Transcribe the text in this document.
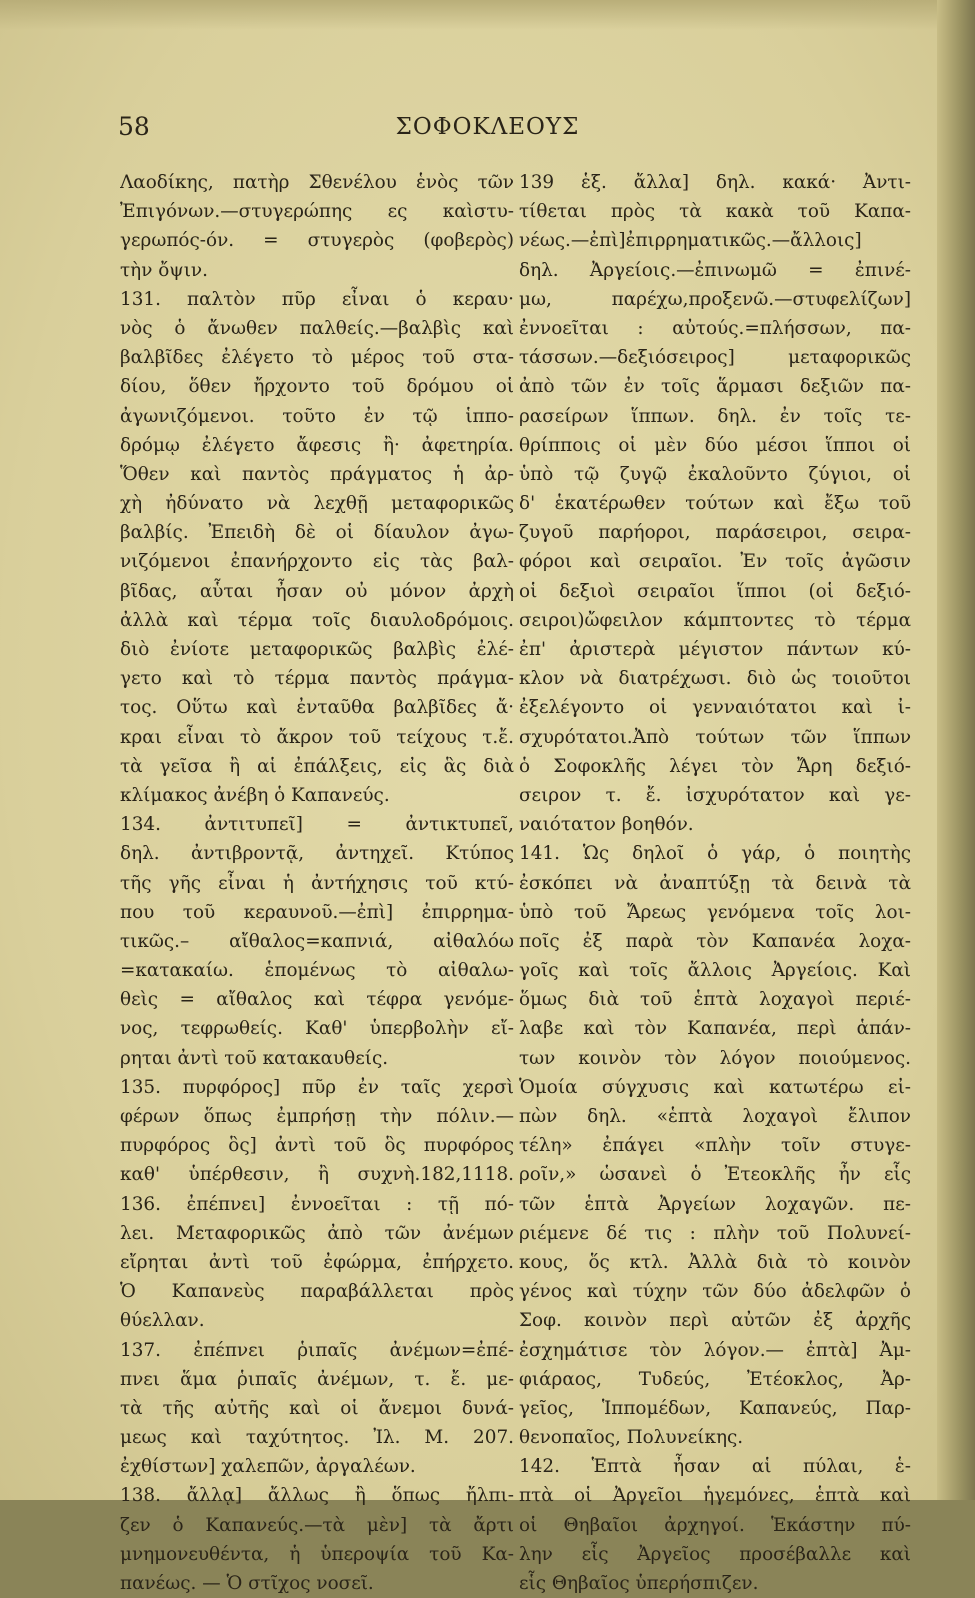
58	ΣΟΦΟΚΛΕΟΥΣ
Λαοδίκης, πατὴρ Σθενέλου ἑνὸς τῶν
Ἐπιγόνων.—στυγερώπης ες καὶστυ-
γερωπός-όν. = στυγερὸς (φοβερὸς)
τὴν ὄψιν.
131. παλτὸν πῦρ εἶναι ὁ κεραυ·
νὸς ὁ ἄνωθεν παλθείς.—βαλβὶς καὶ
βαλβῖδες ἐλέγετο τὸ μέρος τοῦ στα-
δίου, ὅθεν ἤρχοντο τοῦ δρόμου οἱ
ἀγωνιζόμενοι. τοῦτο ἐν τῷ ἱππο-
δρόμῳ ἐλέγετο ἄφεσις ἢ· ἀφετηρία.
Ὅθεν καὶ παντὸς πράγματος ἡ ἀρ-
χὴ ἠδύνατο νὰ λεχθῇ μεταφορικῶς
βαλβίς. Ἐπειδὴ δὲ οἱ δίαυλον ἀγω-
νιζόμενοι ἐπανήρχοντο εἰς τὰς βαλ-
βῖδας, αὗται ἦσαν οὐ μόνον ἀρχὴ
ἀλλὰ καὶ τέρμα τοῖς διαυλοδρόμοις.
διὸ ἐνίοτε μεταφορικῶς βαλβὶς ἐλέ-
γετο καὶ τὸ τέρμα παντὸς πράγμα-
τος. Οὕτω καὶ ἐνταῦθα βαλβῖδες ἄ·
κραι εἶναι τὸ ἄκρον τοῦ τείχους τ.ἔ.
τὰ γεῖσα ἢ αἱ ἐπάλξεις, εἰς ἃς διὰ
κλίμακος ἀνέβη ὁ Καπανεύς.
134. ἀντιτυπεῖ] = ἀντικτυπεῖ,
δηλ. ἀντιβροντᾷ, ἀντηχεῖ. Κτύπος
τῆς γῆς εἶναι ἡ ἀντήχησις τοῦ κτύ-
που τοῦ κεραυνοῦ.—ἐπὶ] ἐπιρρημα-
τικῶς.– αἴθαλος=καπνιά, αἰθαλόω
=κατακαίω. ἑπομένως τὸ αἰθαλω-
θεὶς = αἴθαλος καὶ τέφρα γενόμε-
νος, τεφρωθείς. Καθ' ὑπερβολὴν εἴ-
ρηται ἀντὶ τοῦ κατακαυθείς.
135. πυρφόρος] πῦρ ἐν ταῖς χερσὶ
φέρων ὅπως ἐμπρήσῃ τὴν πόλιν.—
πυρφόρος ὃς] ἀντὶ τοῦ ὃς πυρφόρος
καθ' ὑπέρθεσιν, ἢ συχνὴ.182,1118.
136. ἐπέπνει] ἐννοεῖται : τῇ πό-
λει. Μεταφορικῶς ἀπὸ τῶν ἀνέμων
εἴρηται ἀντὶ τοῦ ἐφώρμα, ἐπήρχετο.
Ὁ Καπανεὺς παραβάλλεται πρὸς
θύελλαν.
137. ἐπέπνει ῥιπαῖς ἀνέμων=ἐπέ-
πνει ἅμα ῥιπαῖς ἀνέμων, τ. ἔ. με-
τὰ τῆς αὐτῆς καὶ οἱ ἄνεμοι δυνά-
μεως καὶ ταχύτητος. Ἰλ. Μ. 207.
ἐχθίστων] χαλεπῶν, ἀργαλέων.
138. ἄλλᾳ] ἄλλως ἢ ὅπως ἤλπι-
ζεν ὁ Καπανεύς.—τὰ μὲν] τὰ ἄρτι
μνημονευθέντα, ἡ ὑπεροψία τοῦ Κα-
πανέως. — Ὁ στῖχος νοσεῖ.
139 ἑξ. ἄλλα] δηλ. κακά· Ἀντι-
τίθεται πρὸς τὰ κακὰ τοῦ Καπα-
νέως.—ἐπὶ]ἐπιρρηματικῶς.—ἄλλοις]
δηλ. Ἀργείοις.—ἐπινωμῶ = ἐπινέ-
μω, παρέχω,προξενῶ.—στυφελίζων]
ἐννοεῖται : αὐτούς.=πλήσσων, πα-
τάσσων.—δεξιόσειρος] μεταφορικῶς
ἀπὸ τῶν ἐν τοῖς ἅρμασι δεξιῶν πα-
ρασείρων ἵππων. δηλ. ἐν τοῖς τε-
θρίπποις οἱ μὲν δύο μέσοι ἵπποι οἱ
ὑπὸ τῷ ζυγῷ ἐκαλοῦντο ζύγιοι, οἱ
δ' ἑκατέρωθεν τούτων καὶ ἔξω τοῦ
ζυγοῦ παρήοροι, παράσειροι, σειρα-
φόροι καὶ σειραῖοι. Ἐν τοῖς ἀγῶσιν
οἱ δεξιοὶ σειραῖοι ἵπποι (οἱ δεξιό-
σειροι)ὤφειλον κάμπτοντες τὸ τέρμα
ἐπ' ἀριστερὰ μέγιστον πάντων κύ-
κλον νὰ διατρέχωσι. διὸ ὡς τοιοῦτοι
ἐξελέγοντο οἱ γενναιότατοι καὶ ἰ-
σχυρότατοι.Ἀπὸ τούτων τῶν ἵππων
ὁ Σοφοκλῆς λέγει τὸν Ἄρη δεξιό-
σειρον τ. ἔ. ἰσχυρότατον καὶ γε-
ναιότατον βοηθόν.
141. Ὡς δηλοῖ ὁ γάρ, ὁ ποιητὴς
ἐσκόπει νὰ ἀναπτύξῃ τὰ δεινὰ τὰ
ὑπὸ τοῦ Ἄρεως γενόμενα τοῖς λοι-
ποῖς ἐξ παρὰ τὸν Καπανέα λοχα-
γοῖς καὶ τοῖς ἄλλοις Ἀργείοις. Καὶ
ὅμως διὰ τοῦ ἑπτὰ λοχαγοὶ περιέ-
λαβε καὶ τὸν Καπανέα, περὶ ἁπάν-
των κοινὸν τὸν λόγον ποιούμενος.
Ὁμοία σύγχυσις καὶ κατωτέρω εἰ-
πὼν δηλ. «ἑπτὰ λοχαγοὶ ἔλιπον
τέλη» ἐπάγει «πλὴν τοῖν στυγε-
ροῖν,» ὡσανεὶ ὁ Ἐτεοκλῆς ἦν εἷς
τῶν ἑπτὰ Ἀργείων λοχαγῶν. πε-
ριέμενε δέ τις : πλὴν τοῦ Πολυνεί-
κους, ὅς κτλ. Ἀλλὰ διὰ τὸ κοινὸν
γένος καὶ τύχην τῶν δύο ἀδελφῶν ὁ
Σοφ. κοινὸν περὶ αὐτῶν ἐξ ἀρχῆς
ἐσχημάτισε τὸν λόγον.— ἑπτὰ] Ἀμ-
φιάραος, Τυδεύς, Ἐτέοκλος, Ἀρ-
γεῖος, Ἱππομέδων, Καπανεύς, Παρ-
θενοπαῖος, Πολυνείκης.
142. Ἑπτὰ ἦσαν αἱ πύλαι, ἑ-
πτὰ οἱ Ἀργεῖοι ἡγεμόνες, ἑπτὰ καὶ
οἱ Θηβαῖοι ἀρχηγοί. Ἑκάστην πύ-
λην εἷς Ἀργεῖος προσέβαλλε καὶ
εἷς Θηβαῖος ὑπερήσπιζεν.
